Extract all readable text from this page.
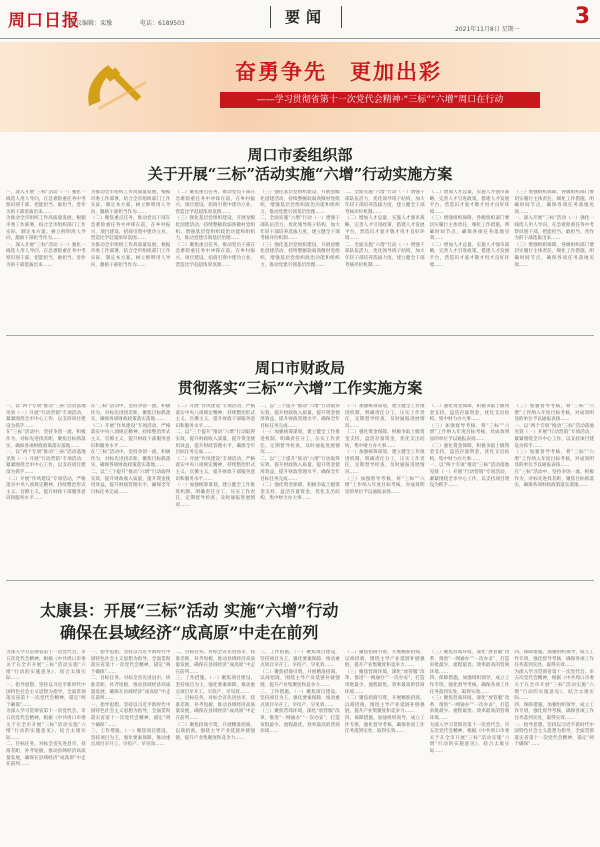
周口日报
协议编辑：栾豫	电话：6189503	要闻
2021年11月8日 星期一
3
奋勇争先　更加出彩
——学习贯彻省第十一次党代会精神·“三标”“六增”周口在行动
周口市委组织部
关于开展“三标”活动实施“六增”行动实施方案
一、深入开展“三标”活动（一）强化一线选人用人导向，在急难险重任务中考察识别干部，把能担当、敢担当、善作为的干部选拔出来……
为推动全市组织工作高质量发展，根据市委工作部署，结合全市组织部门工作实际，制定本方案。树立鲜明用人导向，激励干部担当作为……
一、深入开展“三标”活动（一）强化一线选人用人导向，在急难险重任务中考察识别干部，把能担当、敢担当、善作为的干部选拔出来……
为推动全市组织工作高质量发展，根据市委工作部署，结合全市组织部门工作实际，制定本方案。树立鲜明用人导向，激励干部担当作为……
（二）聚焦重点任务，推动党员干部在急难险重任务中冲锋在前，在乡村振兴、项目建设、招商引资中建功立业，营造比学赶超浓厚氛围……
为推动全市组织工作高质量发展，根据市委工作部署，结合全市组织部门工作实际，制定本方案。树立鲜明用人导向，激励干部担当作为……
（二）聚焦重点任务，推动党员干部在急难险重任务中冲锋在前，在乡村振兴、项目建设、招商引资中建功立业，营造比学赶超浓厚氛围……
（三）强化基层党组织建设，开展星级化创建活动，持续整顿软弱涣散村党组织，增强基层党组织政治功能和组织力，推动党建引领基层治理……
（二）聚焦重点任务，推动党员干部在急难险重任务中冲锋在前，在乡村振兴、项目建设、招商引资中建功立业，营造比学赶超浓厚氛围……
（三）强化基层党组织建设，开展星级化创建活动，持续整顿软弱涣散村党组织，增强基层党组织政治功能和组织力，推动党建引领基层治理……
二、全面实施“六增”行动（一）增强干部队伍活力，优化领导班子结构，加大年轻干部培养选拔力度，建立健全干部考核评价机制……
（三）强化基层党组织建设，开展星级化创建活动，持续整顿软弱涣散村党组织，增强基层党组织政治功能和组织力，推动党建引领基层治理……
二、全面实施“六增”行动（一）增强干部队伍活力，优化领导班子结构，加大年轻干部培养选拔力度，建立健全干部考核评价机制……
（二）增加人才总量，实施人才强市战略，完善人才引进政策，搭建人才发展平台，营造识才爱才敬才用才良好环境……
二、全面实施“六增”行动（一）增强干部队伍活力，优化领导班子结构，加大年轻干部培养选拔力度，建立健全干部考核评价机制……
（二）增加人才总量，实施人才强市战略，完善人才引进政策，搭建人才发展平台，营造识才爱才敬才用才良好环境……
（三）增强组织保障，各级组织部门要切实履行主体责任，细化工作措施，明确时间节点，确保各项任务落地见效……
（二）增加人才总量，实施人才强市战略，完善人才引进政策，搭建人才发展平台，营造识才爱才敬才用才良好环境……
（三）增强组织保障，各级组织部门要切实履行主体责任，细化工作措施，明确时间节点，确保各项任务落地见效……
一、深入开展“三标”活动（一）强化一线选人用人导向，在急难险重任务中考察识别干部，把能担当、敢担当、善作为的干部选拔出来……
（三）增强组织保障，各级组织部门要切实履行主体责任，细化工作措施，明确时间节点，确保各项任务落地见效……
周口市财政局
贯彻落实“三标”“六增”工作实施方案
一、以“两个专项”推动“三标”活动落地见效（一）开展“行动营销”专项活动，紧紧围绕全市中心工作，以支持项目建设为抓手……
在“三标”活动中，坚持争创一流、积极作为，对标先进找差距，聚焦目标抓落实，确保各项财政政策落实落地……
一、以“两个专项”推动“三标”活动落地见效（一）开展“行动营销”专项活动，紧紧围绕全市中心工作，以支持项目建设为抓手……
（二）开展“作风建设”专项活动，严格落实中央八项规定精神，持续整治形式主义、官僚主义，提升财政干部服务意识和服务水平……
在“三标”活动中，坚持争创一流、积极作为，对标先进找差距，聚焦目标抓落实，确保各项财政政策落实落地……
（二）开展“作风建设”专项活动，严格落实中央八项规定精神，持续整治形式主义、官僚主义，提升财政干部服务意识和服务水平……
在“三标”活动中，坚持争创一流、积极作为，对标先进找差距，聚焦目标抓落实，确保各项财政政策落实落地……
二、以“三个提升”推动“六增”行动取得实效，提升财政收入质量，提升资金使用效益，提升财政管理水平，确保全年目标任务完成……
（二）开展“作风建设”专项活动，严格落实中央八项规定精神，持续整治形式主义、官僚主义，提升财政干部服务意识和服务水平……
二、以“三个提升”推动“六增”行动取得实效，提升财政收入质量，提升资金使用效益，提升财政管理水平，确保全年目标任务完成……
（二）开展“作风建设”专项活动，严格落实中央八项规定精神，持续整治形式主义、官僚主义，提升财政干部服务意识和服务水平……
（一）加强统筹谋划，建立健全工作推进机制，明确责任分工，压实工作责任，定期督导检查，及时通报进展情况……
二、以“三个提升”推动“六增”行动取得实效，提升财政收入质量，提升资金使用效益，提升财政管理水平，确保全年目标任务完成……
（一）加强统筹谋划，建立健全工作推进机制，明确责任分工，压实工作责任，定期督导检查，及时通报进展情况……
二、以“三个提升”推动“六增”行动取得实效，提升财政收入质量，提升资金使用效益，提升财政管理水平，确保全年目标任务完成……
（二）强化资金保障，积极争取上级资金支持，盘活存量资金，优化支出结构，集中财力办大事……
（一）加强统筹谋划，建立健全工作推进机制，明确责任分工，压实工作责任，定期督导检查，及时通报进展情况……
（二）强化资金保障，积极争取上级资金支持，盘活存量资金，优化支出结构，集中财力办大事……
（一）加强统筹谋划，建立健全工作推进机制，明确责任分工，压实工作责任，定期督导检查，及时通报进展情况……
（三）加强督导考核，将“三标”“六增”工作纳入年度目标考核，对成效明显的单位予以通报表扬……
（二）强化资金保障，积极争取上级资金支持，盘活存量资金，优化支出结构，集中财力办大事……
（三）加强督导考核，将“三标”“六增”工作纳入年度目标考核，对成效明显的单位予以通报表扬……
（二）强化资金保障，积极争取上级资金支持，盘活存量资金，优化支出结构，集中财力办大事……
一、以“两个专项”推动“三标”活动落地见效（一）开展“行动营销”专项活动，紧紧围绕全市中心工作，以支持项目建设为抓手……
（三）加强督导考核，将“三标”“六增”工作纳入年度目标考核，对成效明显的单位予以通报表扬……
一、以“两个专项”推动“三标”活动落地见效（一）开展“行动营销”专项活动，紧紧围绕全市中心工作，以支持项目建设为抓手……
（三）加强督导考核，将“三标”“六增”工作纳入年度目标考核，对成效明显的单位予以通报表扬……
在“三标”活动中，坚持争创一流、积极作为，对标先进找差距，聚焦目标抓落实，确保各项财政政策落实落地……
太康县：开展“三标”活动 实施“六增”行动
确保在县域经济“成高原”中走在前列
为深入学习贯彻省第十一次党代会、市五次党代会精神，根据《中共周口市委关于在全市开展“三标”活动实施“六增”行动的实施意见》，结合太康实际……
一、指导思想。坚持以习近平新时代中国特色社会主义思想为指导，全面贯彻落实省第十一次党代会精神，锚定“两个确保”……
为深入学习贯彻省第十一次党代会、市五次党代会精神，根据《中共周口市委关于在全市开展“三标”活动实施“六增”行动的实施意见》，结合太康实际……
二、目标任务。对标全省先进县市，找准差距，补齐短板，推动县域经济高质量发展，确保在县域经济“成高原”中走在前列……
一、指导思想。坚持以习近平新时代中国特色社会主义思想为指导，全面贯彻落实省第十一次党代会精神，锚定“两个确保”……
二、目标任务。对标全省先进县市，找准差距，补齐短板，推动县域经济高质量发展，确保在县域经济“成高原”中走在前列……
一、指导思想。坚持以习近平新时代中国特色社会主义思想为指导，全面贯彻落实省第十一次党代会精神，锚定“两个确保”……
三、工作措施。（一）聚焦项目建设，坚持项目为王，强化要素保障，推动重点项目早开工、早投产、早见效……
二、目标任务。对标全省先进县市，找准差距，补齐短板，推动县域经济高质量发展，确保在县域经济“成高原”中走在前列……
三、工作措施。（一）聚焦项目建设，坚持项目为王，强化要素保障，推动重点项目早开工、早投产、早见效……
二、目标任务。对标全省先进县市，找准差距，补齐短板，推动县域经济高质量发展，确保在县域经济“成高原”中走在前列……
（二）聚焦招商引资，开展精准招商、以商招商，围绕主导产业延链补链强链，提升产业集聚度和竞争力……
三、工作措施。（一）聚焦项目建设，坚持项目为王，强化要素保障，推动重点项目早开工、早投产、早见效……
（二）聚焦招商引资，开展精准招商、以商招商，围绕主导产业延链补链强链，提升产业集聚度和竞争力……
三、工作措施。（一）聚焦项目建设，坚持项目为王，强化要素保障，推动重点项目早开工、早投产、早见效……
（三）聚焦营商环境，深化“放管服”改革，推进“一网通办”“一次办妥”，打造审批最少、流程最优、效率最高的营商环境……
（二）聚焦招商引资，开展精准招商、以商招商，围绕主导产业延链补链强链，提升产业集聚度和竞争力……
（三）聚焦营商环境，深化“放管服”改革，推进“一网通办”“一次办妥”，打造审批最少、流程最优、效率最高的营商环境……
（二）聚焦招商引资，开展精准招商、以商招商，围绕主导产业延链补链强链，提升产业集聚度和竞争力……
四、保障措施。加强组织领导，成立工作专班，强化督导考核，确保各项工作任务落到实处、取得实效……
（三）聚焦营商环境，深化“放管服”改革，推进“一网通办”“一次办妥”，打造审批最少、流程最优、效率最高的营商环境……
四、保障措施。加强组织领导，成立工作专班，强化督导考核，确保各项工作任务落到实处、取得实效……
（三）聚焦营商环境，深化“放管服”改革，推进“一网通办”“一次办妥”，打造审批最少、流程最优、效率最高的营商环境……
为深入学习贯彻省第十一次党代会、市五次党代会精神，根据《中共周口市委关于在全市开展“三标”活动实施“六增”行动的实施意见》，结合太康实际……
四、保障措施。加强组织领导，成立工作专班，强化督导考核，确保各项工作任务落到实处、取得实效……
为深入学习贯彻省第十一次党代会、市五次党代会精神，根据《中共周口市委关于在全市开展“三标”活动实施“六增”行动的实施意见》，结合太康实际……
四、保障措施。加强组织领导，成立工作专班，强化督导考核，确保各项工作任务落到实处、取得实效……
一、指导思想。坚持以习近平新时代中国特色社会主义思想为指导，全面贯彻落实省第十一次党代会精神，锚定“两个确保”……
